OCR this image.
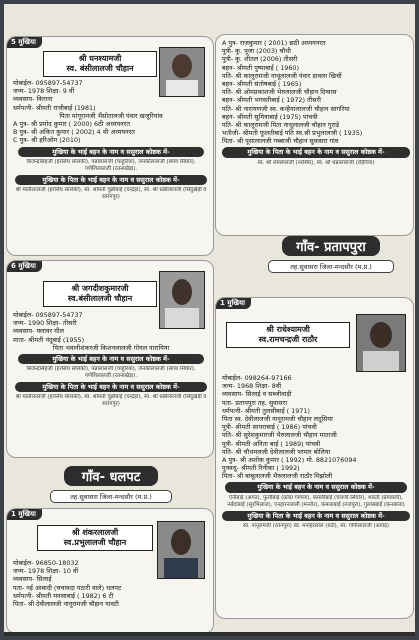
5 मुखिया
श्री घनश्यामजी
स्व. बंसीलालजी चौहान
मोबाईल- 095897-54737
जन्म- 1978 शिक्षा- 9 वीं
व्यवसाय- किराना
धर्मपत्नी- श्रीमती राजीबाई (1981)
पिता मांगूरामजी भैंसोतालजी पंवार खजूरियांव
A पुत्र- श्री प्रमोद कुमार ( 2000) 6ठी अध्ययनरत
B पुत्र- श्री अंकित कुमार ( 2002) 4 थी अध्ययनरत
C पुत्र- श्री हरिओम (2010)
मुखिया के भाई बहन के नाम व ससुराल कोष्ठक में-
बिजेन्द्रसिंहजी (हरसिंघ सोलंकी), पन्नालालजी (चाहुरिया), जनकीलालजी (साया सिंघोर), गणेशिलालजी (रतनाखेड़ा).
मुखिया के पिता के भाई बहन के नाम व ससुराल कोष्ठक में-
श्री मोतीलालजी (हरसिंघ सोलंकी), स्व. श्रीमती चुन्नीबाई (चन्द्रेड़ा), स्व. श्री धन्नीलालजी (सिंदुखेड़ी व सारंगपुर)
A पुत्र- राजकुमार ( 2001) छठी अध्ययनरत
पुत्री- कु. पूजा (2003) चौथी
पुत्री- कु. शीतल (2006) तीसरी
बहन- श्रीमती पुष्पाबाई ( 1960)
पति- श्री कालूरामजी नाथूलालजी पंवार डावला खिचीं
बहन- श्रीमती संतोषबाई ( 1965)
पति- श्री ओमप्रकाशजी भेरुलालजी चौहान दिग्वास
बहन- श्रीमती भगवतीबाई ( 1972) तीसरी
पति- श्री नारायणजी स्व. कन्हैयालालजी चौहान सागरिया
बहन- श्रीमती सुमित्राबाई (1975) पांचवी
पति- श्री कालूरामजी पिता नाथूलालजी चौहान गुराड़े
भतीजी- श्रीमती फूलतीबाई पति स्व.श्री प्रभुलालजी ( 1935)
पिता- श्री पूसालालजी गब्बाजी चौहान सुवासरा गांव
मुखिया के पिता के भाई बहन के नाम व ससुराल कोष्ठक में-
स्व. श्री रामलालजी (नरसिंघ), स्व. श्री धन्नालालजी (रहिरिया)
6 मुखिया
श्री जगदीशकुमारजी
स्व.बंसीलालजी चौहान
मोबाईल- 095897-54737
जन्म- 1990 शिक्षा- तीसरी
व्यवसाय- फ्लावर मील
माता- श्रीमती नंदूबाई (1955)
पिता भवानीशंकरजी किशनलालजी गोयल नारायिया
मुखिया के भाई बहन के नाम व ससुराल कोष्ठक में-
बिजेन्द्रसिंहजी (हरसिंघ सोलंकी), पन्नालालजी (चाहुरिया), जनकीलालजी (साया सिंघोर), गणेशिलालजी (रतनाखेड़ा).
मुखिया के पिता के भाई बहन के नाम व ससुराल कोष्ठक में-
श्री मोतीलालजी (हरसिंघ सोलंकी), स्व. श्रीमती चुन्नीबाई (चन्द्रेड़ा), स्व. श्री धन्नीलालजी (सिंदुखेड़ी व सारंगपुर)
गाँव- प्रतापपुरा
तह.सुवासरा जिला-मन्दसौर (म.प्र.)
1 मुखिया
श्री राधेश्यामजी
स्व.रामचन्द्रजी राठौर
मोबाईल- 098264-97166
जन्म- 1968 शिक्षा- 8वीं
व्यवसाय- सिलाई व सब्जीवाड़ी
पता- प्रतापपुरा तह. सुवासरा
धर्मपत्नी- श्रीमती तुलसीबाई ( 1971)
पिता स्व. देवीलालजी नानूरामजी चौहान लदूसिया
पुत्री- श्रीमती सायराबाई ( 1986) पांचवी
पति- श्री सुरेशकुमारजी भैरुलालजी चौहान माताजी
पुत्री- श्रीमती अनिता बाई ( 1989) पांचवी
पति- श्री चौथमलजी देवीलालजी परमार बोलिया
A पुत्र- श्री अशोक कुमार ( 1992) मो. 8821076094
पुत्रवधू- श्रीमती रिनीका ( 1992)
पिता- श्री बाबूलालजी भैरुलालजी राठौर मिझोली
मुखिया के भाई बहन के नाम व ससुराल कोष्ठक में-
ऐनीबाई (अंगत), फुलीबाई (कोदा गांगला), कमलीबाई (चारणी-सिंघोर), भारती (प्रेमवाली), नर्बदाबाई (सुरभिलाज), एनहारनलाली (मनरोर), कमलाबाई (रुजपुरा), गुलाबबाई (कनबाला)
मुखिया के पिता के भाई बहन के नाम व ससुराल कोष्ठक में-
स्व. नानूरामजी (रतनपुरा) स्व. मनोहरलाल (रुटी), स्व. गोपीलालजी (आवड़)
गाँव- धलपट
तह.सुवासरा जिला-मन्दसौर (म.प्र.)
1 मुखिया
श्री शंकरलालजी
स्व.प्रभुलालजी चौहान
मोबाईल- 96850-18032
जन्म- 1978 शिक्षा- 10 वीं
व्यवसाय- सिलाई
पता- नई आबादी (चचावदा पठारी वाले) धलपट
धर्मपत्नी- श्रीमती मनसाबाई ( 1982) 6 टी
पिता- श्री देवीलालजी नानूरामजी चौहान पावटी
